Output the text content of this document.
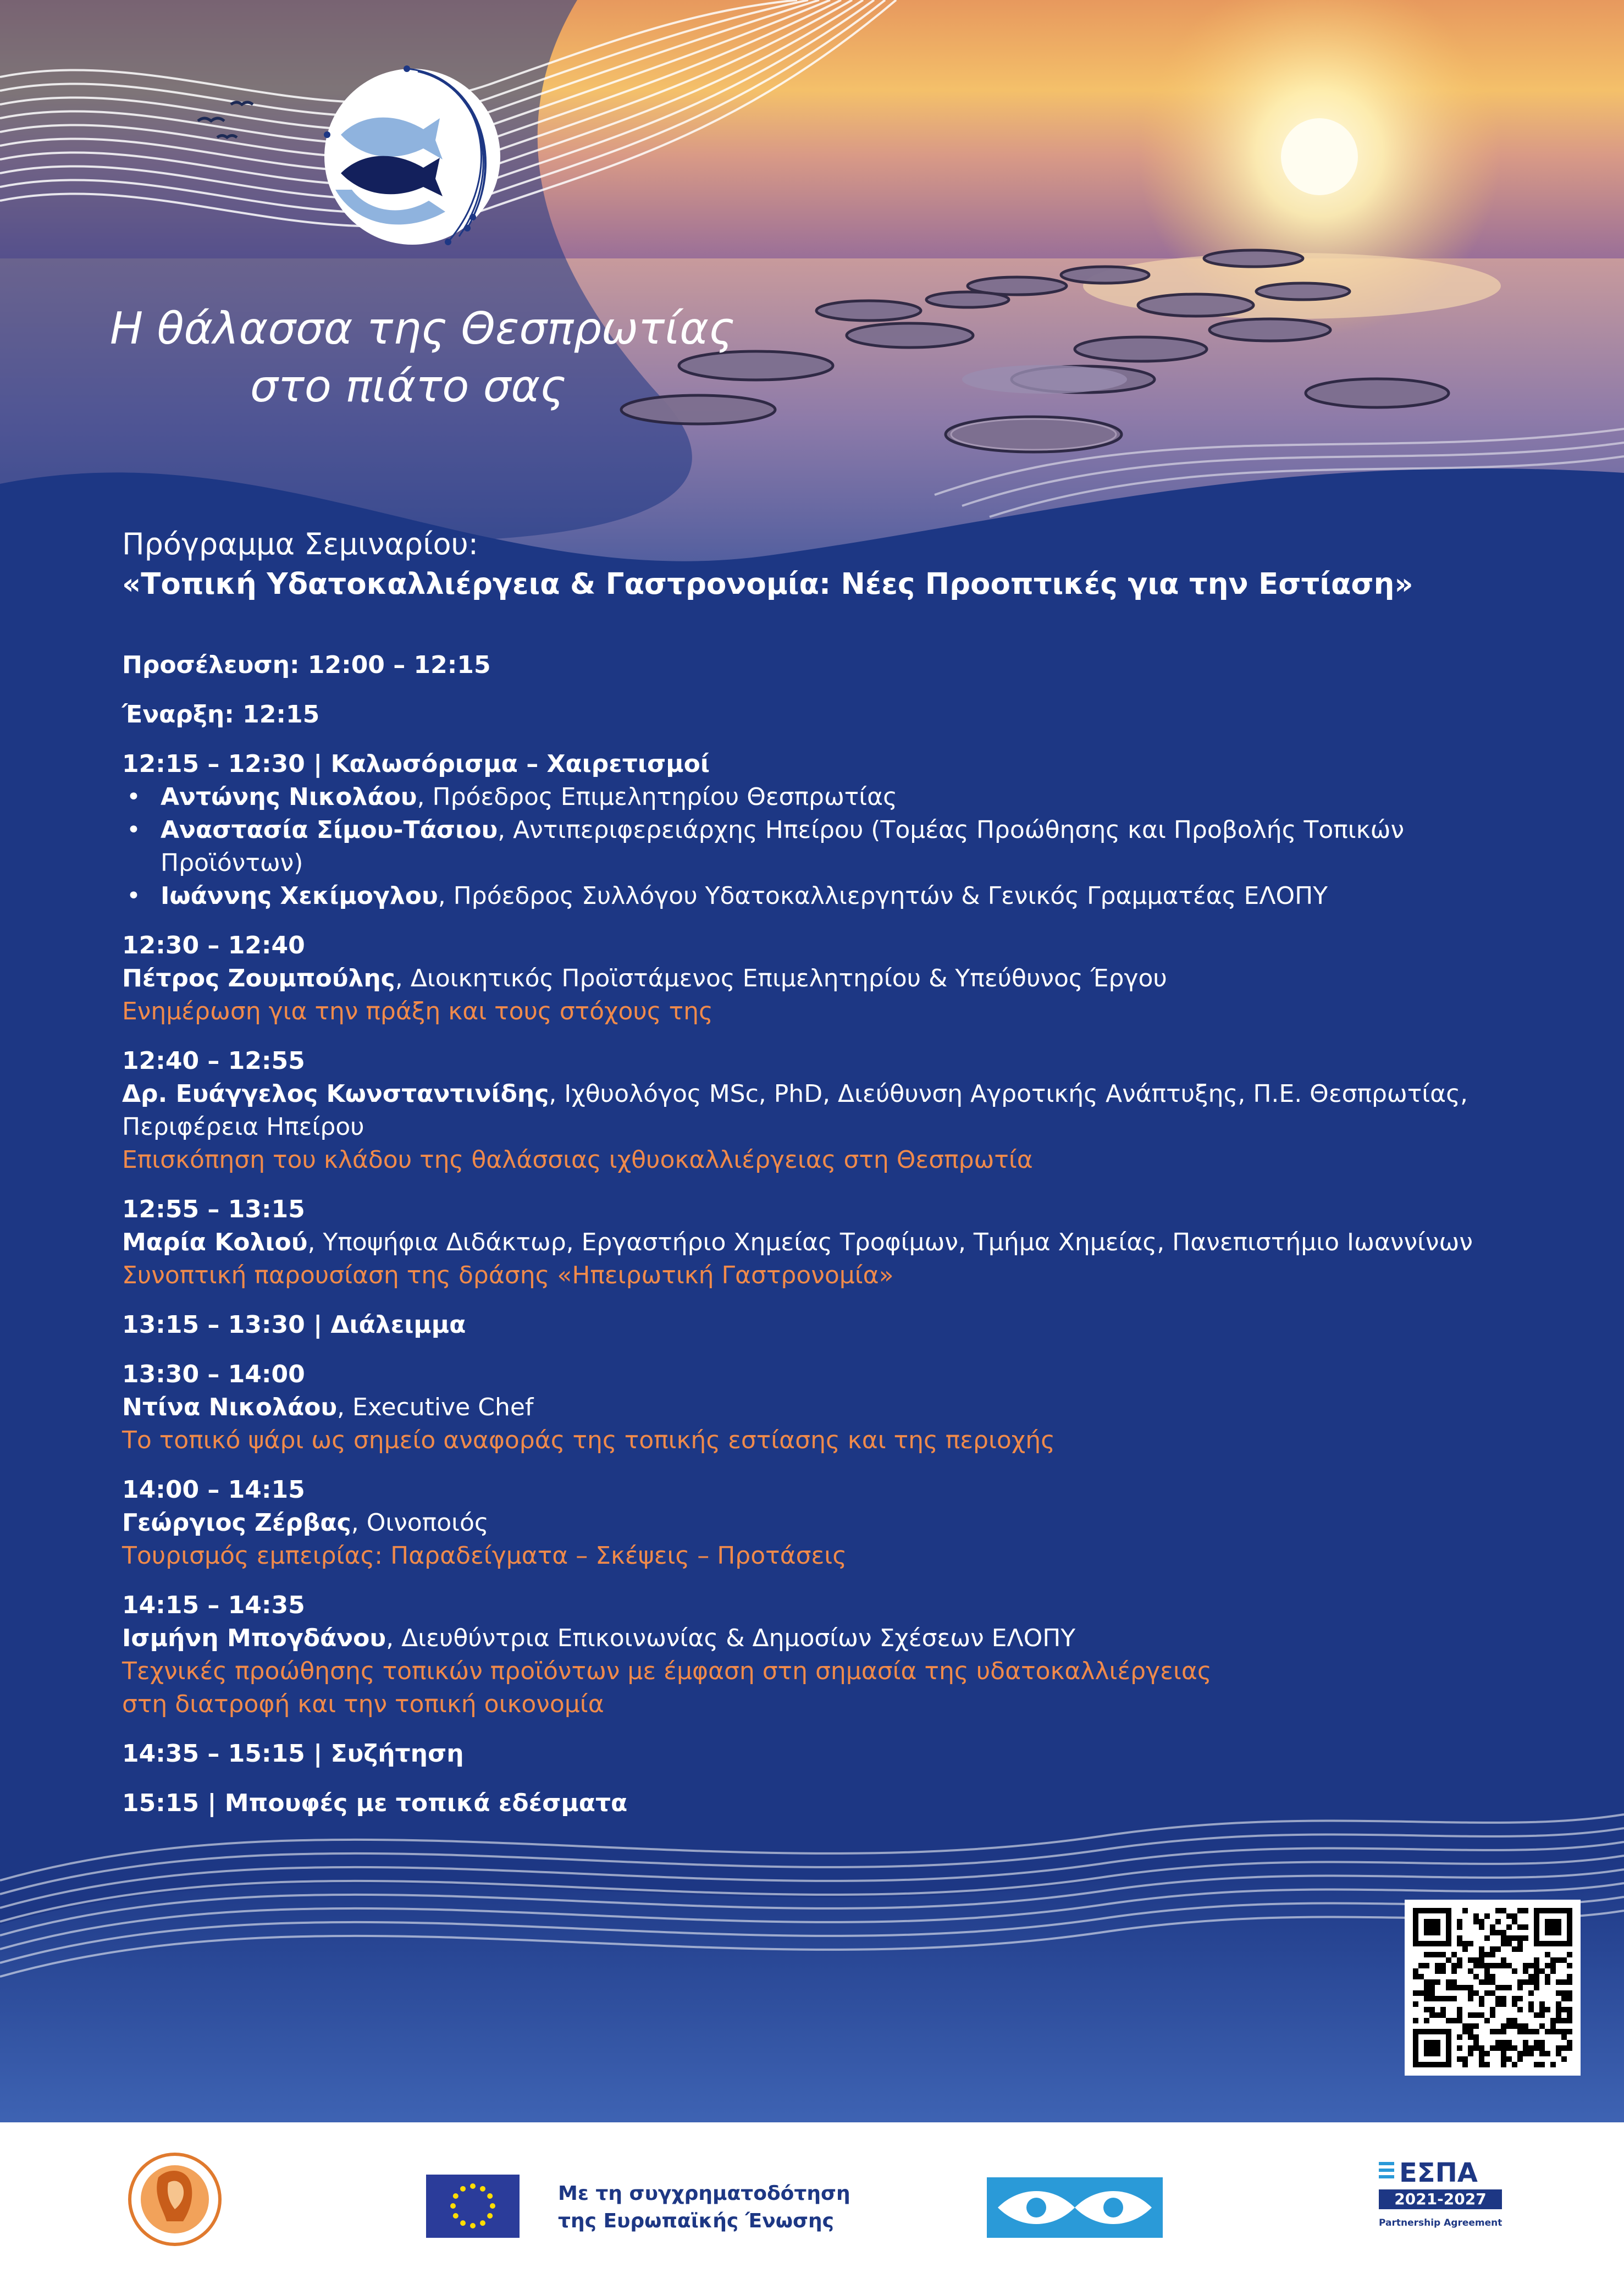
Η θάλασσα της Θεσπρωτίας
στο πιάτο σας
Πρόγραμμα Σεμιναρίου:
«Τοπική Υδατοκαλλιέργεια & Γαστρονομία: Νέες Προοπτικές για την Εστίαση»
Προσέλευση: 12:00 – 12:15
Έναρξη: 12:15
12:15 – 12:30 | Καλωσόρισμα – Χαιρετισμοί
• Αντώνης Νικολάου, Πρόεδρος Επιμελητηρίου Θεσπρωτίας
• Αναστασία Σίμου-Τάσιου, Αντιπεριφερειάρχης Ηπείρου (Τομέας Προώθησης και Προβολής Τοπικών
Προϊόντων)
• Ιωάννης Χεκίμογλου, Πρόεδρος Συλλόγου Υδατοκαλλιεργητών & Γενικός Γραμματέας ΕΛΟΠΥ
12:30 – 12:40
Πέτρος Ζουμπούλης, Διοικητικός Προϊστάμενος Επιμελητηρίου & Υπεύθυνος Έργου
Ενημέρωση για την πράξη και τους στόχους της
12:40 – 12:55
Δρ. Ευάγγελος Κωνσταντινίδης, Ιχθυολόγος MSc, PhD, Διεύθυνση Αγροτικής Ανάπτυξης, Π.Ε. Θεσπρωτίας,
Περιφέρεια Ηπείρου
Επισκόπηση του κλάδου της θαλάσσιας ιχθυοκαλλιέργειας στη Θεσπρωτία
12:55 – 13:15
Μαρία Κολιού, Υποψήφια Διδάκτωρ, Εργαστήριο Χημείας Τροφίμων, Τμήμα Χημείας, Πανεπιστήμιο Ιωαννίνων
Συνοπτική παρουσίαση της δράσης «Ηπειρωτική Γαστρονομία»
13:15 – 13:30 | Διάλειμμα
13:30 – 14:00
Ντίνα Νικολάου, Executive Chef
Το τοπικό ψάρι ως σημείο αναφοράς της τοπικής εστίασης και της περιοχής
14:00 – 14:15
Γεώργιος Ζέρβας, Οινοποιός
Τουρισμός εμπειρίας: Παραδείγματα – Σκέψεις – Προτάσεις
14:15 – 14:35
Ισμήνη Μπογδάνου, Διευθύντρια Επικοινωνίας & Δημοσίων Σχέσεων ΕΛΟΠΥ
Τεχνικές προώθησης τοπικών προϊόντων με έμφαση στη σημασία της υδατοκαλλιέργειας
στη διατροφή και την τοπική οικονομία
14:35 – 15:15 | Συζήτηση
15:15 | Μπουφές με τοπικά εδέσματα
Με τη συγχρηματοδότηση
της Ευρωπαϊκής Ένωσης
ΕΣΠΑ
2021-2027
Partnership Agreement
